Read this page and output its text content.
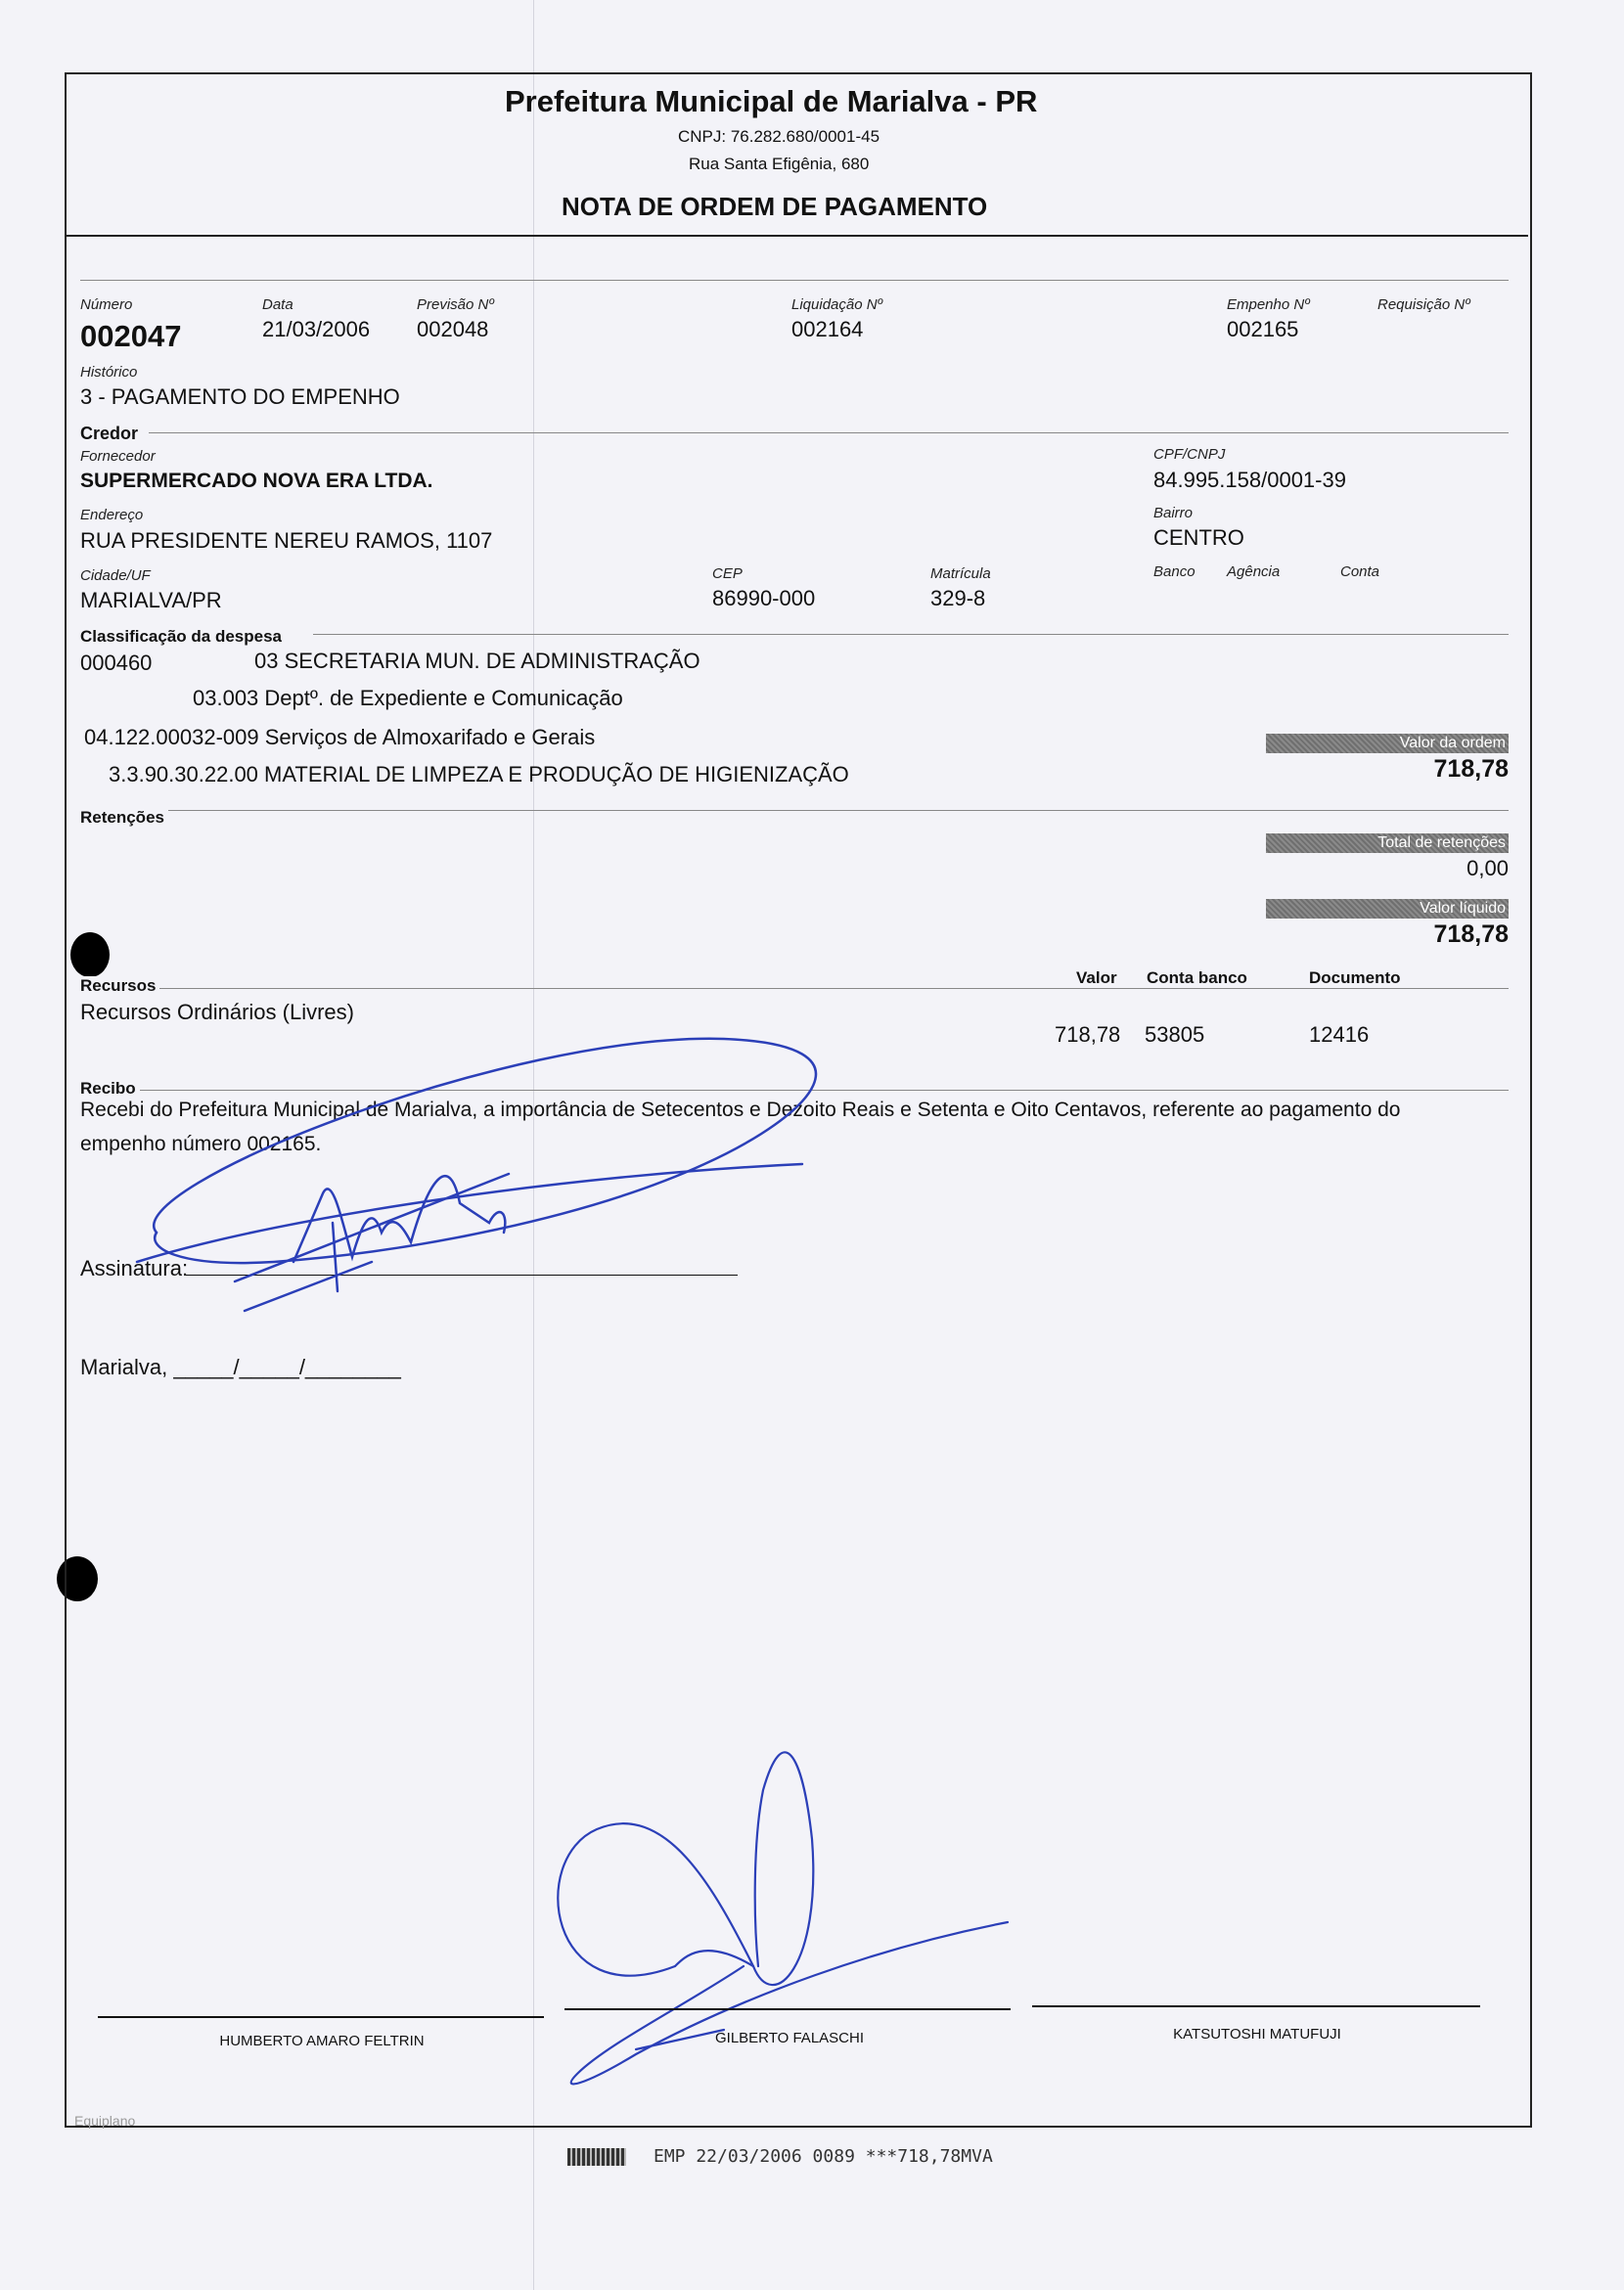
Prefeitura Municipal de Marialva - PR
CNPJ: 76.282.680/0001-45
Rua Santa Efigênia, 680
NOTA DE ORDEM DE PAGAMENTO
Número
002047
Data
21/03/2006
Previsão Nº
002048
Liquidação Nº
002164
Empenho Nº
002165
Requisição Nº
Histórico
3 - PAGAMENTO DO EMPENHO
Credor
Fornecedor
SUPERMERCADO NOVA ERA LTDA.
CPF/CNPJ
84.995.158/0001-39
Endereço
RUA PRESIDENTE NEREU RAMOS, 1107
Bairro
CENTRO
Cidade/UF
MARIALVA/PR
CEP
86990-000
Matrícula
329-8
Banco Agência	Conta
Classificação da despesa
000460	03 SECRETARIA MUN. DE ADMINISTRAÇÃO
03.003 Deptº. de Expediente e Comunicação
04.122.00032-009 Serviços de Almoxarifado e Gerais
3.3.90.30.22.00 MATERIAL DE LIMPEZA E PRODUÇÃO DE HIGIENIZAÇÃO
Valor da ordem
718,78
Retenções
Total de retenções
0,00
Valor líquido
718,78
Recursos	Valor Conta banco	Documento
Recursos Ordinários (Livres)
718,78 53805	12416
Recibo
Recebi do Prefeitura Municipal de Marialva, a importância de Setecentos e Dezoito Reais e Setenta e Oito Centavos, referente ao pagamento do
empenho número 002165.
Assinatura:
Marialva, _____/_____/________
HUMBERTO AMARO FELTRIN	GILBERTO FALASCHI	KATSUTOSHI MATUFUJI
Equiplano
EMP 22/03/2006 0089 ***718,78MVA
